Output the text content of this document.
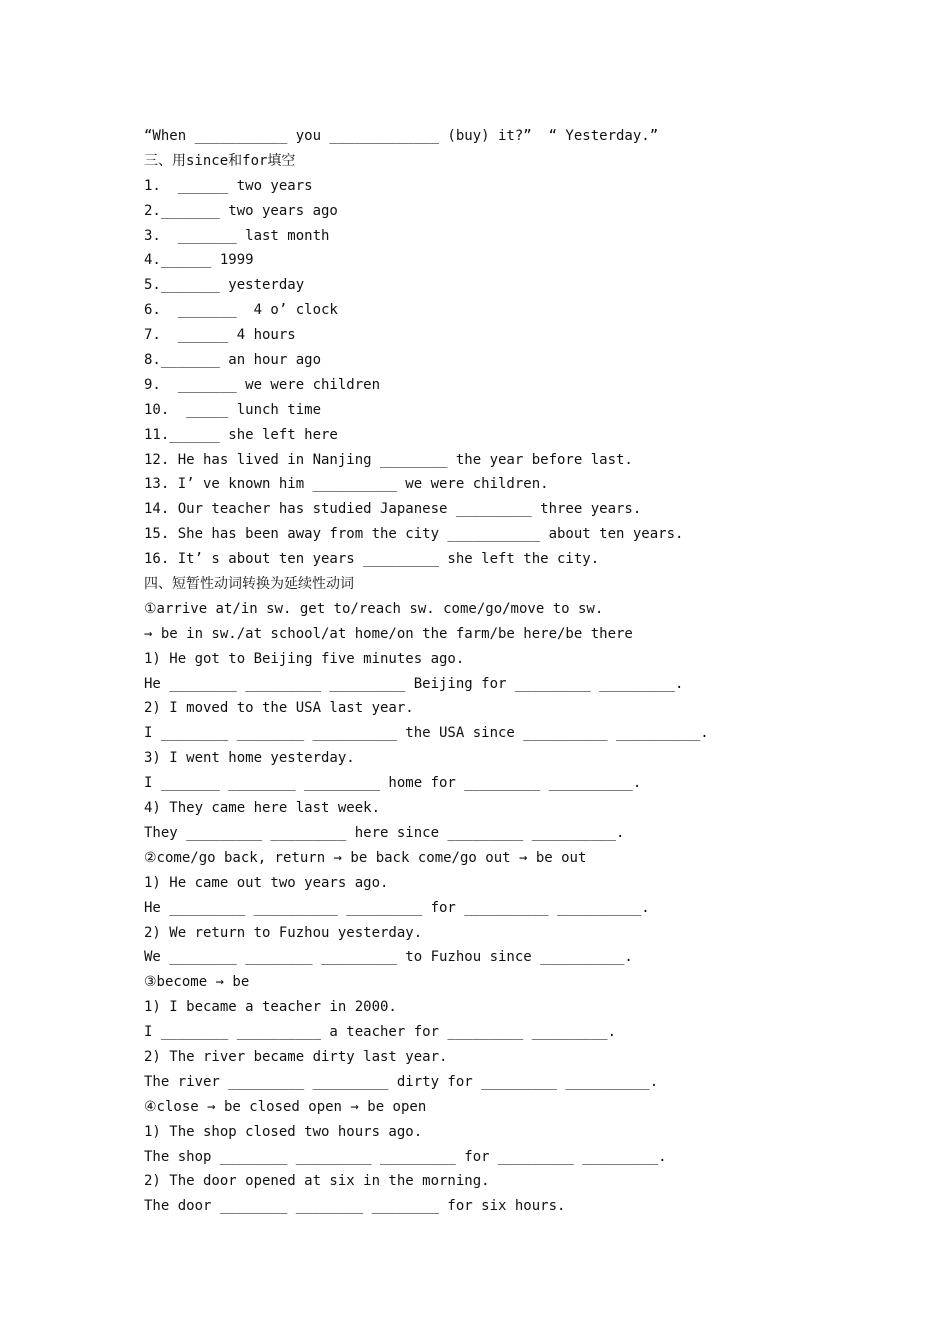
“When ___________ you _____________ (buy) it?”  “ Yesterday.”
三、用since和for填空
1.  ______ two years
2._______ two years ago
3.  _______ last month
4.______ 1999
5._______ yesterday
6.  _______  4 o’ clock
7.  ______ 4 hours
8._______ an hour ago
9.  _______ we were children
10.  _____ lunch time
11.______ she left here
12. He has lived in Nanjing ________ the year before last.
13. I’ ve known him __________ we were children.
14. Our teacher has studied Japanese _________ three years.
15. She has been away from the city ___________ about ten years.
16. It’ s about ten years _________ she left the city.
四、短暂性动词转换为延续性动词
①arrive at/in sw. get to/reach sw. come/go/move to sw.
→ be in sw./at school/at home/on the farm/be here/be there
1) He got to Beijing five minutes ago.
He ________ _________ _________ Beijing for _________ _________.
2) I moved to the USA last year.
I ________ ________ __________ the USA since __________ __________.
3) I went home yesterday.
I _______ ________ _________ home for _________ __________.
4) They came here last week.
They _________ _________ here since _________ __________.
②come/go back, return → be back come/go out → be out
1) He came out two years ago.
He _________ __________ _________ for __________ __________.
2) We return to Fuzhou yesterday.
We ________ ________ _________ to Fuzhou since __________.
③become → be
1) I became a teacher in 2000.
I ________ __________ a teacher for _________ _________.
2) The river became dirty last year.
The river _________ _________ dirty for _________ __________.
④close → be closed open → be open
1) The shop closed two hours ago.
The shop ________ _________ _________ for _________ _________.
2) The door opened at six in the morning.
The door ________ ________ ________ for six hours.
